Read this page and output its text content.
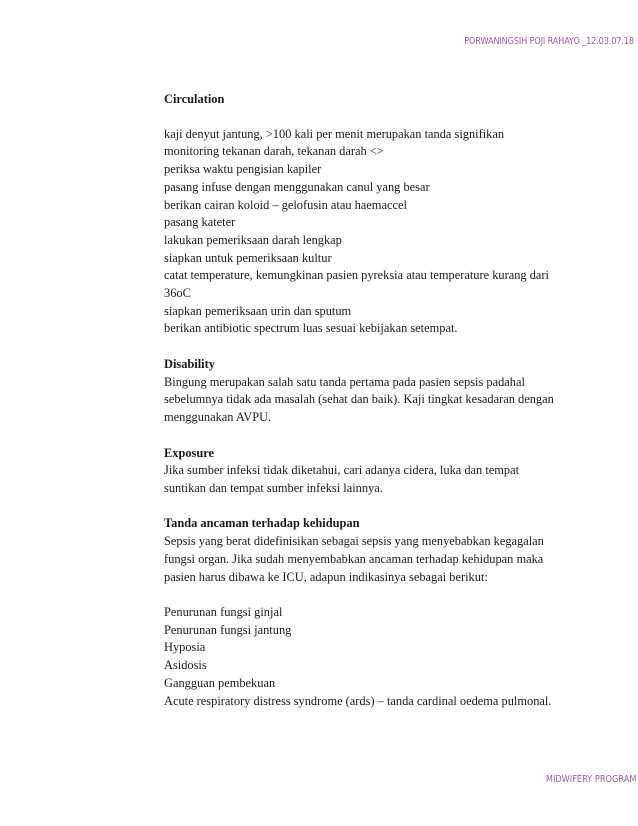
PORWANINGSIH POJI RAHAYO _12.03.07.18

Circulation

kaji denyut jantung, >100 kali per menit merupakan tanda signifikan

monitoring tekanan darah, tekanan darah <>

periksa waktu pengisian kapiler

pasang infuse dengan menggunakan canul yang besar

berikan cairan koloid – gelofusin atau haemaccel

pasang kateter

lakukan pemeriksaan darah lengkap

siapkan untuk pemeriksaan kultur

catat temperature, kemungkinan pasien pyreksia atau temperature kurang dari

36oC

siapkan pemeriksaan urin dan sputum

berikan antibiotic spectrum luas sesuai kebijakan setempat.

Disability

Bingung merupakan salah satu tanda pertama pada pasien sepsis padahal

sebelumnya tidak ada masalah (sehat dan baik). Kaji tingkat kesadaran dengan

menggunakan AVPU.

Exposure

Jika sumber infeksi tidak diketahui, cari adanya cidera, luka dan tempat

suntikan dan tempat sumber infeksi lainnya.

Tanda ancaman terhadap kehidupan

Sepsis yang berat didefinisikan sebagai sepsis yang menyebabkan kegagalan

fungsi organ. Jika sudah menyembabkan ancaman terhadap kehidupan maka

pasien harus dibawa ke ICU, adapun indikasinya sebagai berikut:

Penurunan fungsi ginjal

Penurunan fungsi jantung

Hyposia

Asidosis

Gangguan pembekuan

Acute respiratory distress syndrome (ards) – tanda cardinal oedema pulmonal.

MIDWIFERY PROGRAM
